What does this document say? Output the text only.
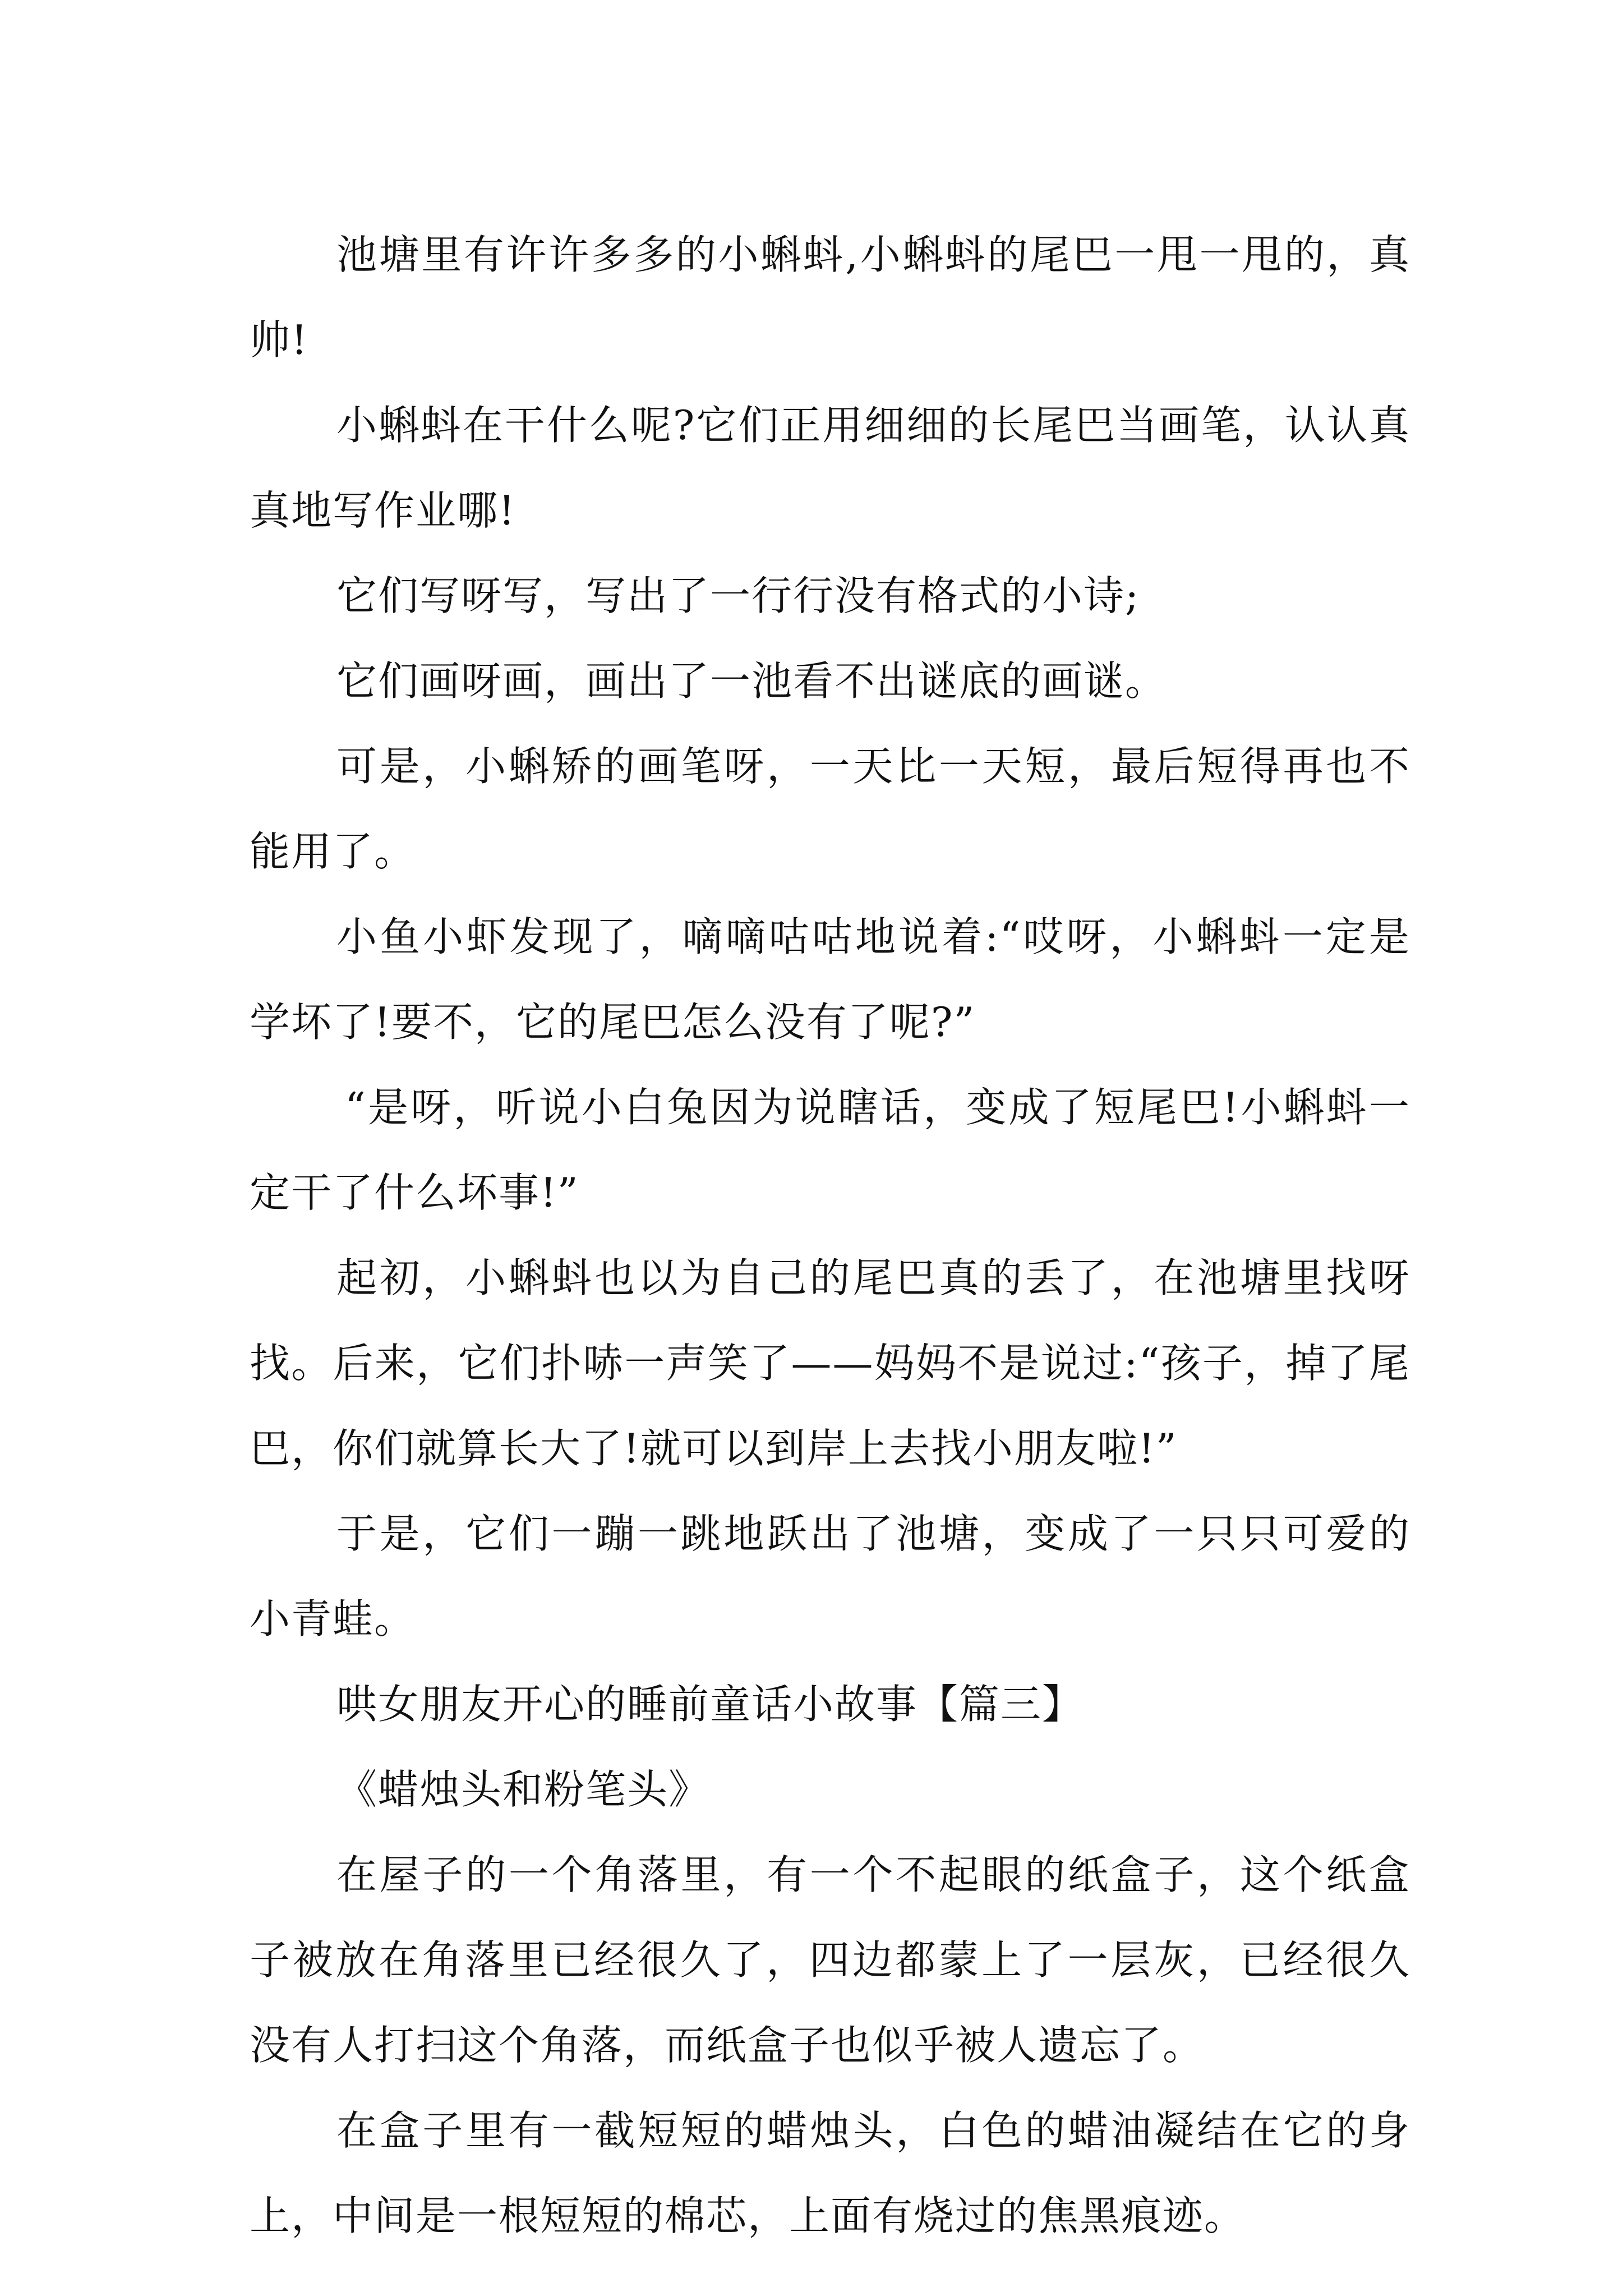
池塘里有许许多多的小蝌蚪,小蝌蚪的尾巴一甩一甩的，真帅!

小蝌蚪在干什么呢?它们正用细细的长尾巴当画笔，认认真真地写作业哪!

它们写呀写，写出了一行行没有格式的小诗;

它们画呀画，画出了一池看不出谜底的画谜。

可是，小蝌矫的画笔呀，一天比一天短，最后短得再也不能用了。

小鱼小虾发现了，嘀嘀咕咕地说着:“哎呀，小蝌蚪一定是学坏了!要不，它的尾巴怎么没有了呢?”

“是呀，听说小白兔因为说瞎话，变成了短尾巴!小蝌蚪一定干了什么坏事!”

起初，小蝌蚪也以为自己的尾巴真的丢了，在池塘里找呀找。后来，它们扑哧一声笑了——妈妈不是说过:“孩子，掉了尾巴，你们就算长大了!就可以到岸上去找小朋友啦!”

于是，它们一蹦一跳地跃出了池塘，变成了一只只可爱的小青蛙。

哄女朋友开心的睡前童话小故事【篇三】

《蜡烛头和粉笔头》

在屋子的一个角落里，有一个不起眼的纸盒子，这个纸盒子被放在角落里已经很久了，四边都蒙上了一层灰，已经很久没有人打扫这个角落，而纸盒子也似乎被人遗忘了。

在盒子里有一截短短的蜡烛头，白色的蜡油凝结在它的身上，中间是一根短短的棉芯，上面有烧过的焦黑痕迹。
